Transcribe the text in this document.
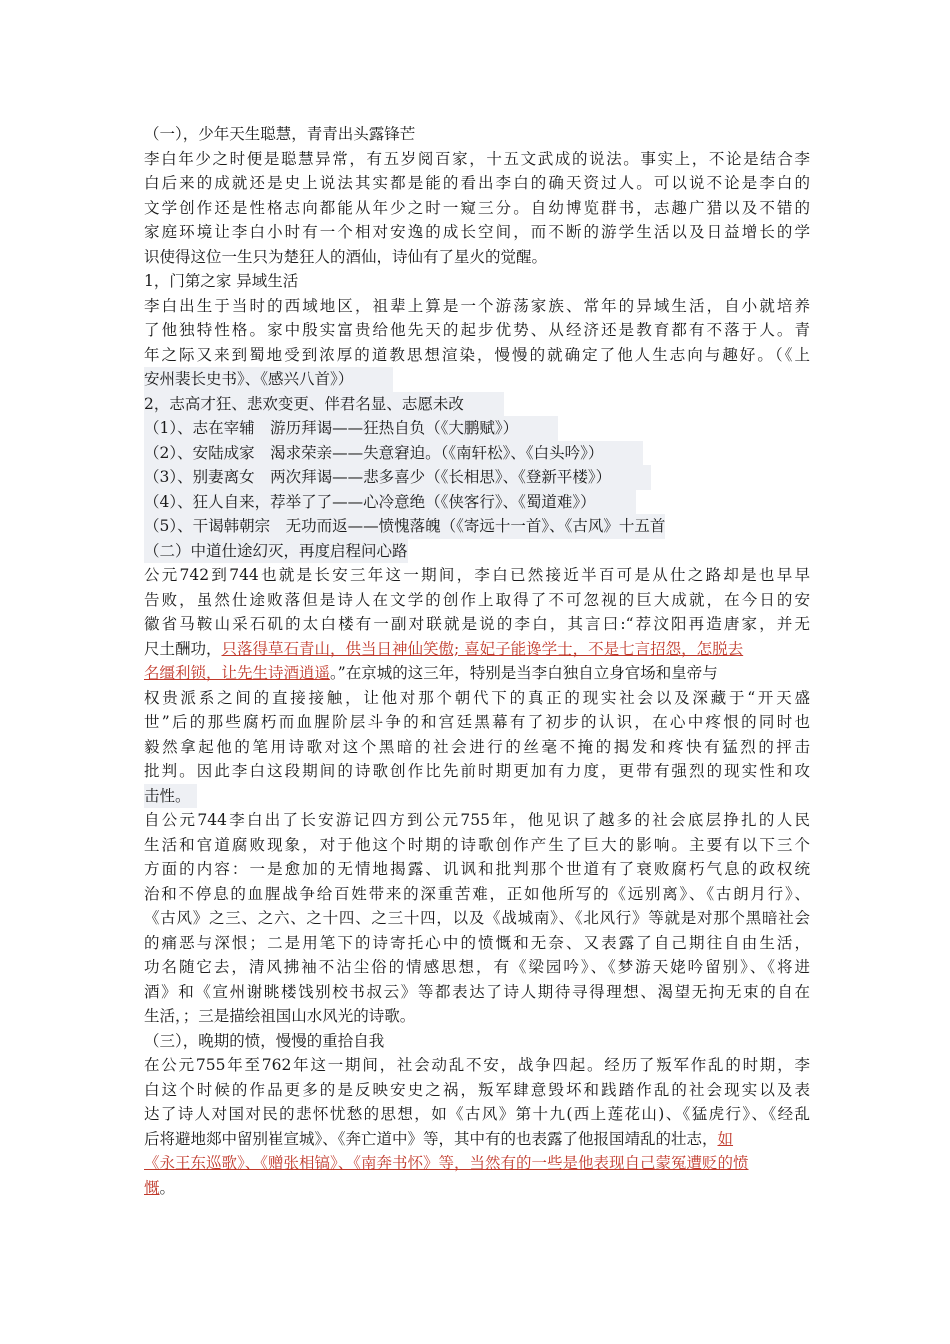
（一），少年天生聪慧，青青出头露锋芒
李白年少之时便是聪慧异常，有五岁阅百家，十五文武成的说法。事实上，不论是结合李
白后来的成就还是史上说法其实都是能的看出李白的确天资过人。可以说不论是李白的
文学创作还是性格志向都能从年少之时一窥三分。自幼博览群书，志趣广猎以及不错的
家庭环境让李白小时有一个相对安逸的成长空间，而不断的游学生活以及日益增长的学
识使得这位一生只为楚狂人的酒仙，诗仙有了星火的觉醒。
1，门第之家 异域生活
李白出生于当时的西域地区，祖辈上算是一个游荡家族、常年的异域生活，自小就培养
了他独特性格。家中殷实富贵给他先天的起步优势、从经济还是教育都有不落于人。青
年之际又来到蜀地受到浓厚的道教思想渲染，慢慢的就确定了他人生志向与趣好。（《上
安州裴长史书》、《感兴八首》）
2，志高才狂、悲欢变更、伴君名显、志愿未改
（1）、志在宰辅　游历拜谒——狂热自负（《大鹏赋》）
（2）、安陆成家　渴求荣亲——失意窘迫。（《南轩松》、《白头吟》）
（3）、别妻离女　两次拜谒——悲多喜少（《长相思》、《登新平楼》）
（4）、狂人自来，荐举了了——心冷意绝（《侠客行》、《蜀道难》）
（5）、干谒韩朝宗　无功而返——愤愧落魄（《寄远十一首》、《古风》十五首
（二）中道仕途幻灭，再度启程问心路
公元742到744也就是长安三年这一期间，李白已然接近半百可是从仕之路却是也早早
告败，虽然仕途败落但是诗人在文学的创作上取得了不可忽视的巨大成就，在今日的安
徽省马鞍山采石矶的太白楼有一副对联就是说的李白，其言曰:“荐汶阳再造唐家，并无
尺土酬功，只落得草石青山，供当日神仙笑傲; 喜妃子能谗学士，不是七言招怨，怎脱去
名缰利锁，让先生诗酒逍遥。”在京城的这三年，特别是当李白独自立身官场和皇帝与
权贵派系之间的直接接触，让他对那个朝代下的真正的现实社会以及深藏于“开天盛
世”后的那些腐朽而血腥阶层斗争的和宫廷黑幕有了初步的认识，在心中疼恨的同时也
毅然拿起他的笔用诗歌对这个黑暗的社会进行的丝毫不掩的揭发和疼快有猛烈的抨击
批判。因此李白这段期间的诗歌创作比先前时期更加有力度，更带有强烈的现实性和攻
击性。
自公元744李白出了长安游记四方到公元755年，他见识了越多的社会底层挣扎的人民
生活和官道腐败现象，对于他这个时期的诗歌创作产生了巨大的影响。主要有以下三个
方面的内容：一是愈加的无情地揭露、讥讽和批判那个世道有了衰败腐朽气息的政权统
治和不停息的血腥战争给百姓带来的深重苦难，正如他所写的《远别离》、《古朗月行》、
《古风》之三、之六、之十四、之三十四，以及《战城南》、《北风行》等就是对那个黑暗社会
的痛恶与深恨；二是用笔下的诗寄托心中的愤慨和无奈、又表露了自己期往自由生活，
功名随它去，清风拂袖不沾尘俗的情感思想，有《梁园吟》、《梦游天姥吟留别》、《将进
酒》和《宣州谢眺楼饯别校书叔云》等都表达了诗人期待寻得理想、渴望无拘无束的自在
生活，；三是描绘祖国山水风光的诗歌。
（三），晚期的愤，慢慢的重拾自我
在公元755年至762年这一期间，社会动乱不安，战争四起。经历了叛军作乱的时期，李
白这个时候的作品更多的是反映安史之祸，叛军肆意毁坏和践踏作乱的社会现实以及表
达了诗人对国对民的悲怀忧愁的思想，如《古风》第十九(西上莲花山)、《猛虎行》、《经乱
后将避地郯中留别崔宣城》、《奔亡道中》等，其中有的也表露了他报国靖乱的壮志，如
《永王东巡歌》、《赠张相镐》、《南奔书怀》等，当然有的一些是他表现自己蒙冤遭贬的愤
慨。
